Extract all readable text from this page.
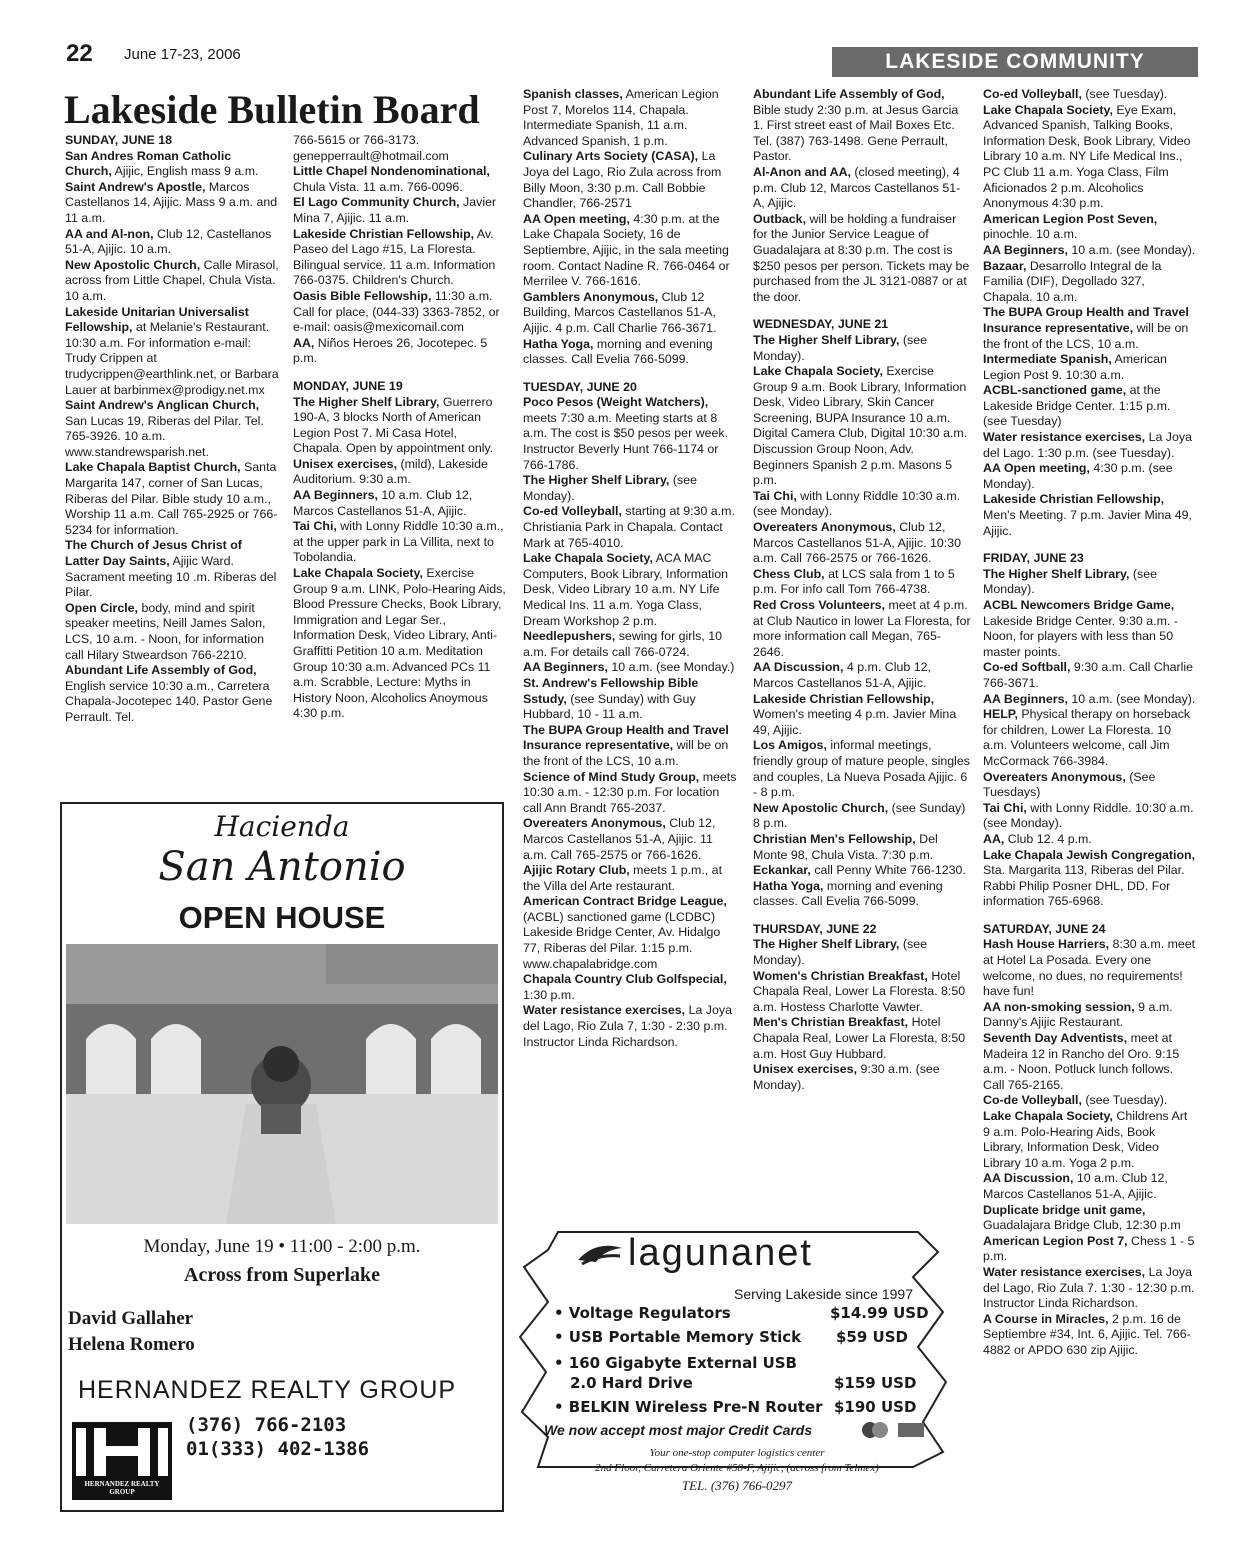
22 June 17-23, 2006	LAKESIDE COMMUNITY
Lakeside Bulletin Board
SUNDAY, JUNE 18
San Andres Roman Catholic Church, Ajijic, English mass 9 a.m.
Saint Andrew's Apostle, Marcos Castellanos 14, Ajijic. Mass 9 a.m. and 11 a.m.
AA and Al-non, Club 12, Castellanos 51-A, Ajijic. 10 a.m.
New Apostolic Church, Calle Mirasol, across from Little Chapel, Chula Vista. 10 a.m.
Lakeside Unitarian Universalist Fellowship, at Melanie's Restaurant. 10:30 a.m. For information e-mail: Trudy Crippen at trudycrippen@earthlink.net, or Barbara Lauer at barbinmex@prodigy.net.mx
Saint Andrew's Anglican Church, San Lucas 19, Riberas del Pilar. Tel. 765-3926. 10 a.m. www.standrewsparish.net.
Lake Chapala Baptist Church, Santa Margarita 147, corner of San Lucas, Riberas del Pilar. Bible study 10 a.m., Worship 11 a.m. Call 765-2925 or 766-5234 for information.
The Church of Jesus Christ of Latter Day Saints, Ajijic Ward. Sacrament meeting 10 .m. Riberas del Pilar.
Open Circle, body, mind and spirit speaker meetins, Neill James Salon, LCS, 10 a.m. - Noon, for information call Hilary Stweardson 766-2210.
Abundant Life Assembly of God, English service 10:30 a.m., Carretera Chapala-Jocotepec 140. Pastor Gene Perrault. Tel.
766-5615 or 766-3173. genepperrault@hotmail.com
Little Chapel Nondenominational, Chula Vista. 11 a.m. 766-0096.
El Lago Community Church, Javier Mina 7, Ajijic. 11 a.m.
Lakeside Christian Fellowship, Av. Paseo del Lago #15, La Floresta. Bilingual service. 11 a.m. Information 766-0375. Children's Church.
Oasis Bible Fellowship, 11:30 a.m. Call for place, (044-33) 3363-7852, or e-mail: oasis@mexicomail.com
AA, Niños Heroes 26, Jocotepec. 5 p.m.
MONDAY, JUNE 19
The Higher Shelf Library, Guerrero 190-A, 3 blocks North of American Legion Post 7. Mi Casa Hotel, Chapala. Open by appointment only.
Unisex exercises, (mild), Lakeside Auditorium. 9:30 a.m.
AA Beginners, 10 a.m. Club 12, Marcos Castellanos 51-A, Ajijic.
Tai Chi, with Lonny Riddle 10:30 a.m., at the upper park in La Villita, next to Tobolandia.
Lake Chapala Society, Exercise Group 9 a.m. LINK, Polo-Hearing Aids, Blood Pressure Checks, Book Library, Immigration and Legar Ser., Information Desk, Video Library, Anti-Graffitti Petition 10 a.m. Meditation Group 10:30 a.m. Advanced PCs 11 a.m. Scrabble, Lecture: Myths in History Noon, Alcoholics Anoymous 4:30 p.m.
Spanish classes, American Legion Post 7, Morelos 114, Chapala. Intermediate Spanish, 11 a.m. Advanced Spanish, 1 p.m.
Culinary Arts Society (CASA), La Joya del Lago, Rio Zula across from Billy Moon, 3:30 p.m. Call Bobbie Chandler, 766-2571
AA Open meeting, 4:30 p.m. at the Lake Chapala Society, 16 de Septiembre, Ajijic, in the sala meeting room. Contact Nadine R. 766-0464 or Merrilee V. 766-1616.
Gamblers Anonymous, Club 12 Building, Marcos Castellanos 51-A, Ajijic. 4 p.m. Call Charlie 766-3671.
Hatha Yoga, morning and evening classes. Call Evelia 766-5099.
TUESDAY, JUNE 20
Poco Pesos (Weight Watchers), meets 7:30 a.m. Meeting starts at 8 a.m. The cost is $50 pesos per week. Instructor Beverly Hunt 766-1174 or 766-1786.
The Higher Shelf Library, (see Monday).
Co-ed Volleyball, starting at 9:30 a.m. Christiania Park in Chapala. Contact Mark at 765-4010.
Lake Chapala Society, ACA MAC Computers, Book Library, Information Desk, Video Library 10 a.m. NY Life Medical Ins. 11 a.m. Yoga Class, Dream Workshop 2 p.m.
Needlepushers, sewing for girls, 10 a.m. For details call 766-0724.
AA Beginners, 10 a.m. (see Monday.)
St. Andrew's Fellowship Bible Sstudy, (see Sunday) with Guy Hubbard, 10 - 11 a.m.
The BUPA Group Health and Travel Insurance representative, will be on the front of the LCS, 10 a.m.
Science of Mind Study Group, meets 10:30 a.m. - 12:30 p.m. For location call Ann Brandt 765-2037.
Overeaters Anonymous, Club 12, Marcos Castellanos 51-A, Ajijic. 11 a.m. Call 765-2575 or 766-1626.
Ajijic Rotary Club, meets 1 p.m., at the Villa del Arte restaurant.
American Contract Bridge League, (ACBL) sanctioned game (LCDBC) Lakeside Bridge Center, Av. Hidalgo 77, Riberas del Pilar. 1:15 p.m. www.chapalabridge.com
Chapala Country Club Golfspecial, 1:30 p.m.
Water resistance exercises, La Joya del Lago, Rio Zula 7, 1:30 - 2:30 p.m. Instructor Linda Richardson.
Abundant Life Assembly of God, Bible study 2:30 p.m. at Jesus Garcia 1. First street east of Mail Boxes Etc. Tel. (387) 763-1498. Gene Perrault, Pastor.
Al-Anon and AA, (closed meeting), 4 p.m. Club 12, Marcos Castellanos 51-A, Ajijic.
Outback, will be holding a fundraiser for the Junior Service League of Guadalajara at 8:30 p.m. The cost is $250 pesos per person. Tickets may be purchased from the JL 3121-0887 or at the door.
WEDNESDAY, JUNE 21
The Higher Shelf Library, (see Monday).
Lake Chapala Society, Exercise Group 9 a.m. Book Library, Information Desk, Video Library, Skin Cancer Screening, BUPA Insurance 10 a.m. Digital Camera Club, Digital 10:30 a.m. Discussion Group Noon, Adv. Beginners Spanish 2 p.m. Masons 5 p.m.
Tai Chi, with Lonny Riddle 10:30 a.m. (see Monday).
Overeaters Anonymous, Club 12, Marcos Castellanos 51-A, Ajijic. 10:30 a.m. Call 766-2575 or 766-1626.
Chess Club, at LCS sala from 1 to 5 p.m. For info call Tom 766-4738.
Red Cross Volunteers, meet at 4 p.m. at Club Nautico in lower La Floresta, for more information call Megan, 765-2646.
AA Discussion, 4 p.m. Club 12, Marcos Castellanos 51-A, Ajijic.
Lakeside Christian Fellowship, Women's meeting 4 p.m. Javier Mina 49, Ajijic.
Los Amigos, informal meetings, friendly group of mature people, singles and couples, La Nueva Posada Ajijic. 6 - 8 p.m.
New Apostolic Church, (see Sunday) 8 p.m.
Christian Men's Fellowship, Del Monte 98, Chula Vista. 7:30 p.m.
Eckankar, call Penny White 766-1230.
Hatha Yoga, morning and evening classes. Call Evelia 766-5099.
THURSDAY, JUNE 22
The Higher Shelf Library, (see Monday).
Women's Christian Breakfast, Hotel Chapala Real, Lower La Floresta. 8:50 a.m. Hostess Charlotte Vawter.
Men's Christian Breakfast, Hotel Chapala Real, Lower La Floresta, 8:50 a.m. Host Guy Hubbard.
Unisex exercises, 9:30 a.m. (see Monday).
Co-ed Volleyball, (see Tuesday).
Lake Chapala Society, Eye Exam, Advanced Spanish, Talking Books, Information Desk, Book Library, Video Library 10 a.m. NY Life Medical Ins., PC Club 11 a.m. Yoga Class, Film Aficionados 2 p.m. Alcoholics Anonymous 4:30 p.m.
American Legion Post Seven, pinochle. 10 a.m.
AA Beginners, 10 a.m. (see Monday).
Bazaar, Desarrollo Integral de la Familia (DIF), Degollado 327, Chapala. 10 a.m.
The BUPA Group Health and Travel Insurance representative, will be on the front of the LCS, 10 a.m.
Intermediate Spanish, American Legion Post 9. 10:30 a.m.
ACBL-sanctioned game, at the Lakeside Bridge Center. 1:15 p.m. (see Tuesday)
Water resistance exercises, La Joya del Lago. 1:30 p.m. (see Tuesday).
AA Open meeting, 4:30 p.m. (see Monday).
Lakeside Christian Fellowship, Men's Meeting. 7 p.m. Javier Mina 49, Ajijic.
FRIDAY, JUNE 23
The Higher Shelf Library, (see Monday).
ACBL Newcomers Bridge Game, Lakeside Bridge Center. 9:30 a.m. - Noon, for players with less than 50 master points.
Co-ed Softball, 9:30 a.m. Call Charlie 766-3671.
AA Beginners, 10 a.m. (see Monday).
HELP, Physical therapy on horseback for children, Lower La Floresta. 10 a.m. Volunteers welcome, call Jim McCormack 766-3984.
Overeaters Anonymous, (See Tuesdays)
Tai Chi, with Lonny Riddle. 10:30 a.m. (see Monday).
AA, Club 12. 4 p.m.
Lake Chapala Jewish Congregation, Sta. Margarita 113, Riberas del Pilar. Rabbi Philip Posner DHL, DD. For information 765-6968.
SATURDAY, JUNE 24
Hash House Harriers, 8:30 a.m. meet at Hotel La Posada. Every one welcome, no dues, no requirements! have fun!
AA non-smoking session, 9 a.m. Danny's Ajijic Restaurant.
Seventh Day Adventists, meet at Madeira 12 in Rancho del Oro. 9:15 a.m. - Noon. Potluck lunch follows. Call 765-2165.
Co-de Volleyball, (see Tuesday).
Lake Chapala Society, Childrens Art 9 a.m. Polo-Hearing Aids, Book Library, Information Desk, Video Library 10 a.m. Yoga 2 p.m.
AA Discussion, 10 a.m. Club 12, Marcos Castellanos 51-A, Ajijic.
Duplicate bridge unit game, Guadalajara Bridge Club, 12:30 p.m
American Legion Post 7, Chess 1 - 5 p.m.
Water resistance exercises, La Joya del Lago, Rio Zula 7. 1:30 - 12:30 p.m. Instructor Linda Richardson.
A Course in Miracles, 2 p.m. 16 de Septiembre #34, Int. 6, Ajijic. Tel. 766-4882 or APDO 630 zip Ajijic.
Hacienda
San Antonio
OPEN HOUSE
Monday, June 19 • 11:00 - 2:00 p.m.
Across from Superlake
David Gallaher
Helena Romero
HERNANDEZ REALTY GROUP
(376) 766-2103
01(333) 402-1386
HERNANDEZ REALTY GROUP
lagunanet
Serving Lakeside since 1997
• Voltage Regulators	$14.99 USD
• USB Portable Memory Stick $59 USD
• 160 Gigabyte External USB
2.0 Hard Drive	$159 USD
• BELKIN Wireless Pre-N Router $190 USD
We now accept most major Credit Cards
Your one-stop computer logistics center
2nd Floor, Carretera Oriente #58-F, Ajijic, (across from Telmex)
TEL. (376) 766-0297
